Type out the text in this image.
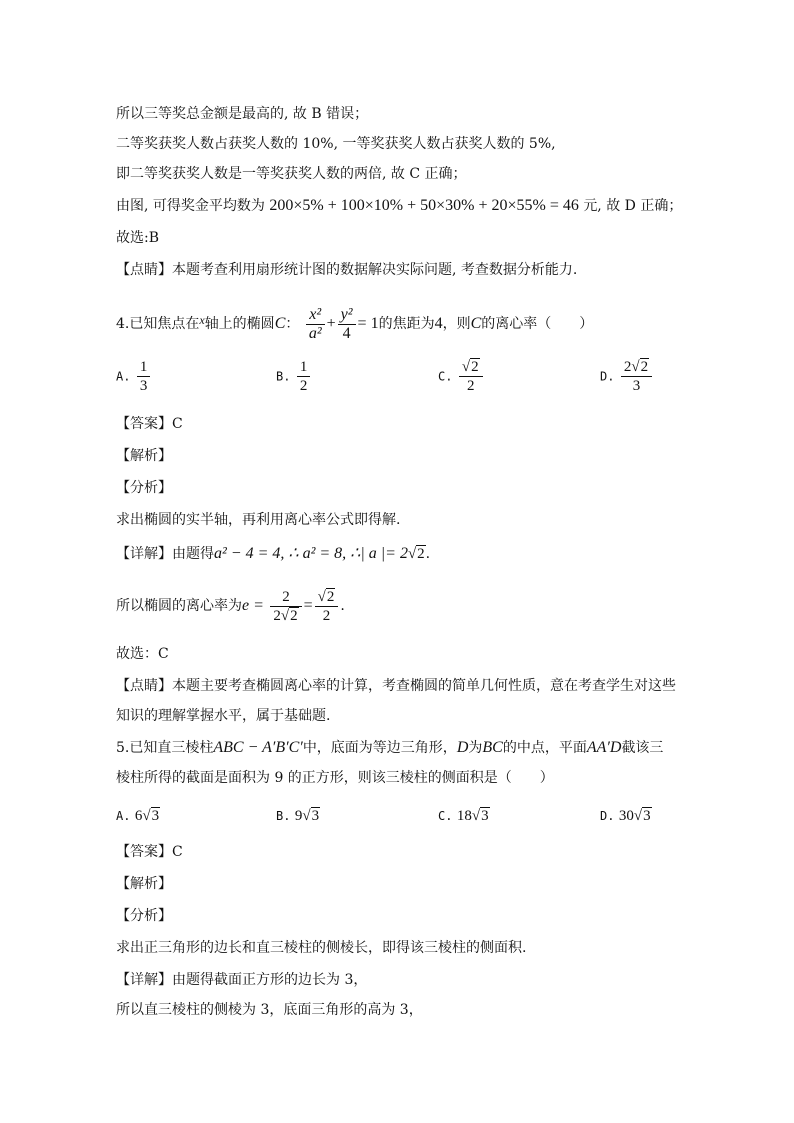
所以三等奖总金额是最高的, 故 B 错误；
二等奖获奖人数占获奖人数的 10%, 一等奖获奖人数占获奖人数的 5%,
即二等奖获奖人数是一等奖获奖人数的两倍, 故 C 正确；
由图, 可得奖金平均数为 200×5% + 100×10% + 50×30% + 20×55% = 46 元, 故 D 正确；
故选:B
【点睛】本题考查利用扇形统计图的数据解决实际问题, 考查数据分析能力.
4.已知焦点在x轴上的椭圆C： $\frac{\text{x²}}{\text{a²}} + \frac{\text{y²}}{4} = 1$的焦距为4，则C的离心率（　　）
A. $\frac{1}{3}$	B. $\frac{1}{2}$	C. $\frac{√2}{2}$	D. $\frac{2√2}{3}$
【答案】C
【解析】
【分析】
求出椭圆的实半轴，再利用离心率公式即得解.
【详解】由题得a² − 4 = 4, ∴ a² = 8, ∴| a |= 2√2.
所以椭圆的离心率为$e = \frac{2}{2√2} = \frac{√2}{2}$ .
故选：C
【点睛】本题主要考查椭圆离心率的计算，考查椭圆的简单几何性质，意在考查学生对这些
知识的理解掌握水平，属于基础题.
5.已知直三棱柱ABC − A′B′C′中，底面为等边三角形，D为BC的中点，平面AA′D截该三
棱柱所得的截面是面积为 9 的正方形，则该三棱柱的侧面积是（　　）
A. 6√3	B. 9√3	C. 18√3	D. 30√3
【答案】C
【解析】
【分析】
求出正三角形的边长和直三棱柱的侧棱长，即得该三棱柱的侧面积.
【详解】由题得截面正方形的边长为 3，
所以直三棱柱的侧棱为 3，底面三角形的高为 3，
